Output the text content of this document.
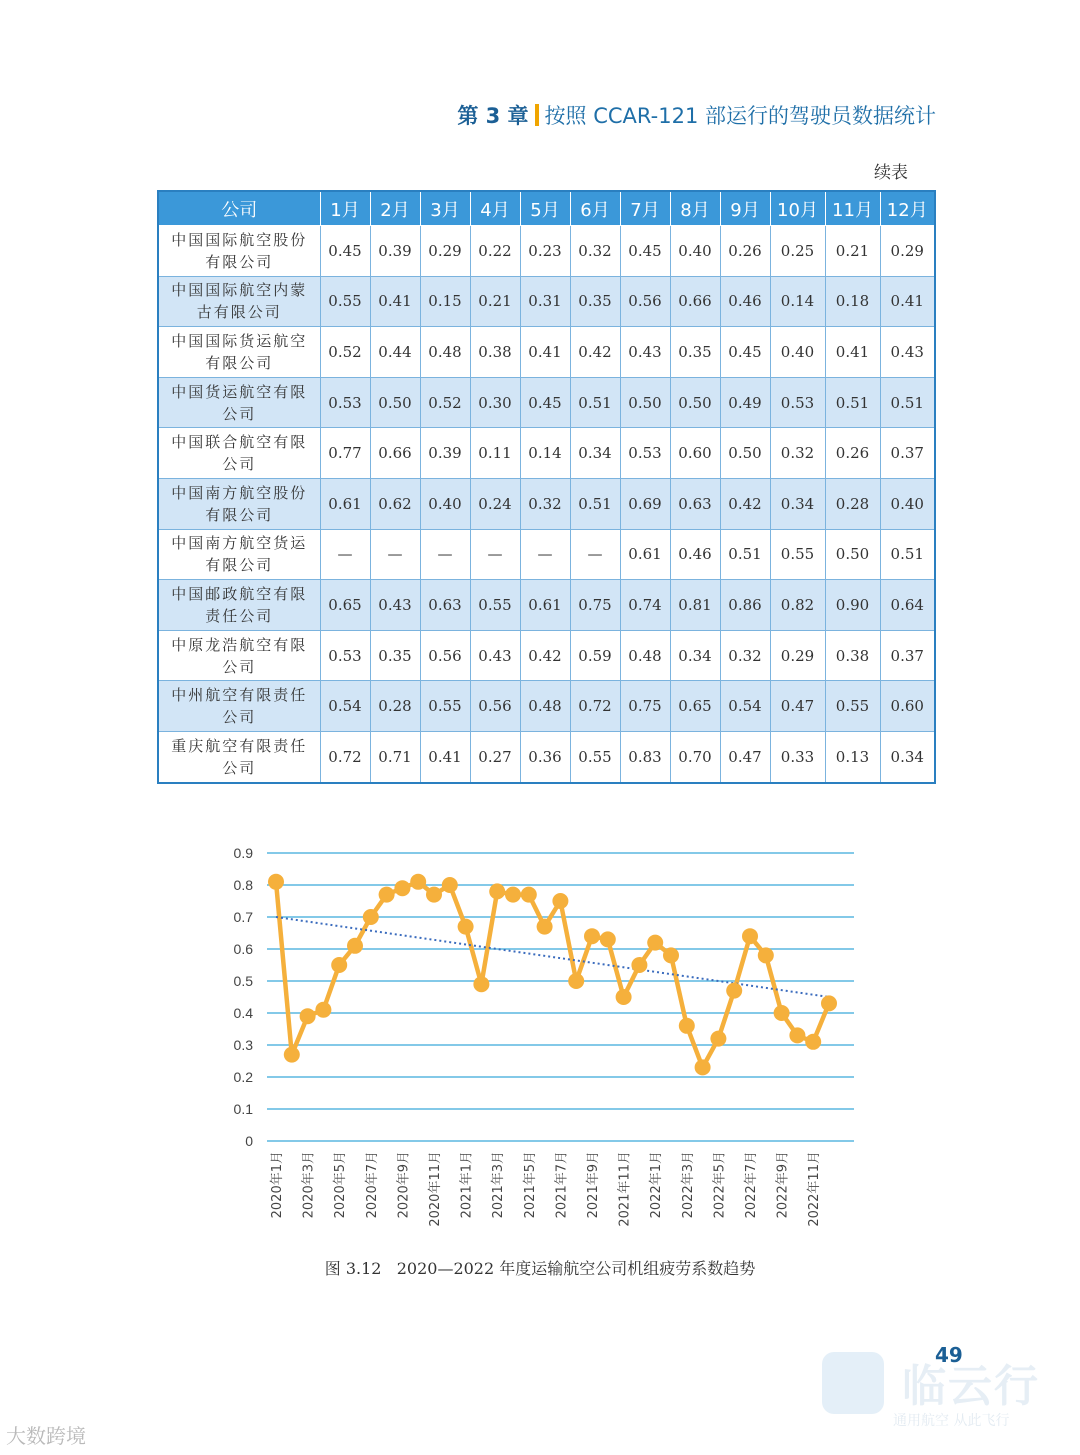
第 3 章 按照 CCAR-121 部运行的驾驶员数据统计
续表
公司	1月	2月	3月	4月	5月	6月	7月	8月	9月	10月	11月	12月
中国国际航空股份有限公司	0.45	0.39	0.29	0.22	0.23	0.32	0.45	0.40	0.26	0.25	0.21	0.29
中国国际航空内蒙古有限公司	0.55	0.41	0.15	0.21	0.31	0.35	0.56	0.66	0.46	0.14	0.18	0.41
中国国际货运航空有限公司	0.52	0.44	0.48	0.38	0.41	0.42	0.43	0.35	0.45	0.40	0.41	0.43
中国货运航空有限公司	0.53	0.50	0.52	0.30	0.45	0.51	0.50	0.50	0.49	0.53	0.51	0.51
中国联合航空有限公司	0.77	0.66	0.39	0.11	0.14	0.34	0.53	0.60	0.50	0.32	0.26	0.37
中国南方航空股份有限公司	0.61	0.62	0.40	0.24	0.32	0.51	0.69	0.63	0.42	0.34	0.28	0.40
中国南方航空货运有限公司	—	—	—	—	—	—	0.61	0.46	0.51	0.55	0.50	0.51
中国邮政航空有限责任公司	0.65	0.43	0.63	0.55	0.61	0.75	0.74	0.81	0.86	0.82	0.90	0.64
中原龙浩航空有限公司	0.53	0.35	0.56	0.43	0.42	0.59	0.48	0.34	0.32	0.29	0.38	0.37
中州航空有限责任公司	0.54	0.28	0.55	0.56	0.48	0.72	0.75	0.65	0.54	0.47	0.55	0.60
重庆航空有限责任公司	0.72	0.71	0.41	0.27	0.36	0.55	0.83	0.70	0.47	0.33	0.13	0.34
0
0.1
0.2
0.3
0.4
0.5
0.6
0.7
0.8
0.9
2020年1月 2020年3月 2020年5月 2020年7月 2020年9月 2020年11月 2021年1月 2021年3月 2021年5月 2021年7月 2021年9月 2021年11月 2022年1月 2022年3月 2022年5月 2022年7月 2022年9月 2022年11月
图 3.12   2020—2022 年度运输航空公司机组疲劳系数趋势
49
临云行
通用航空 从此飞行
大数跨境
